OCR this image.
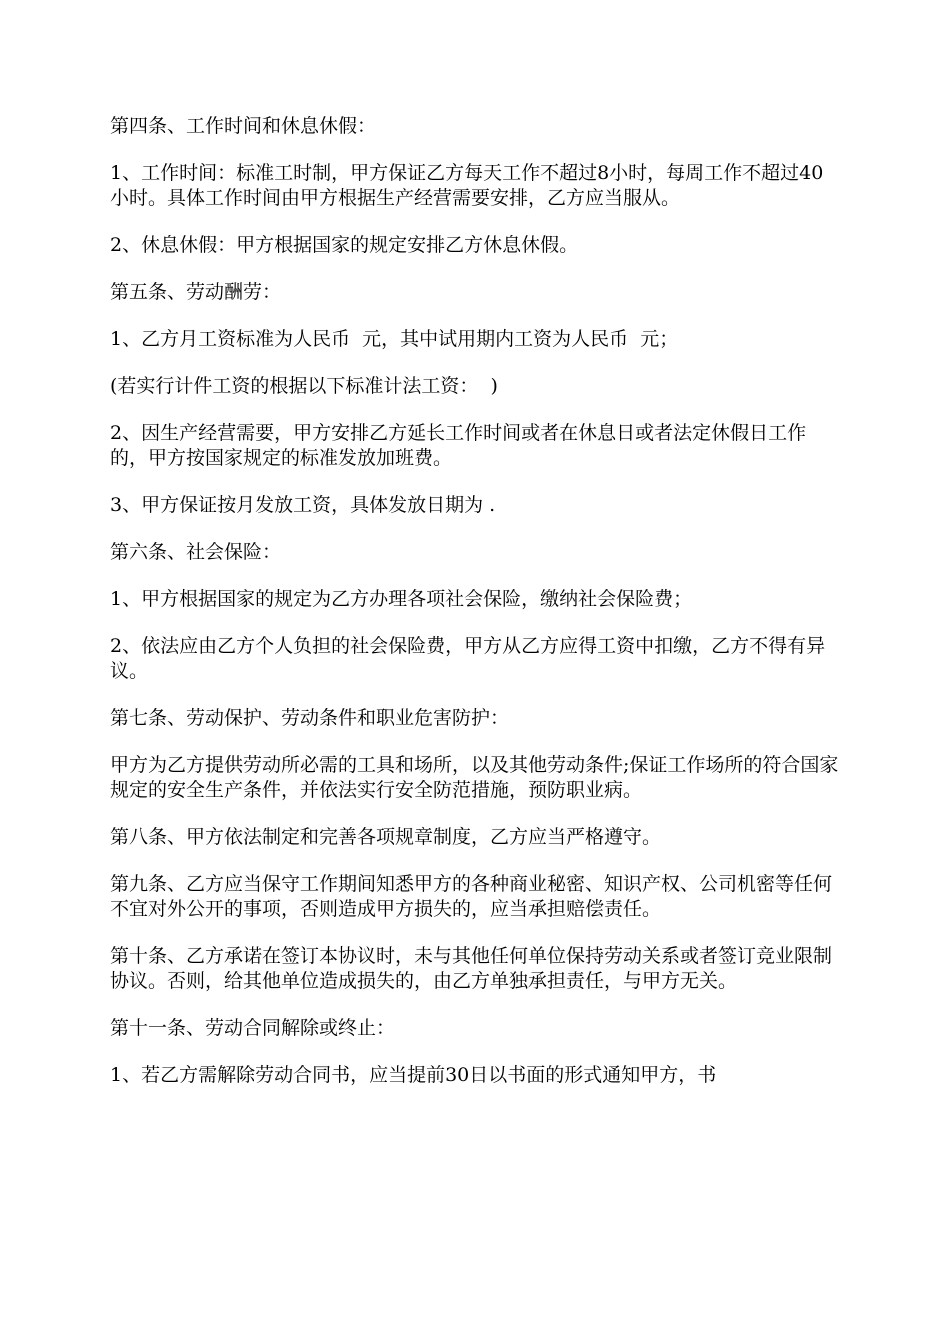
第四条、工作时间和休息休假：

1、工作时间：标准工时制，甲方保证乙方每天工作不超过8小时，每周工作不超过40小时。具体工作时间由甲方根据生产经营需要安排，乙方应当服从。

2、休息休假：甲方根据国家的规定安排乙方休息休假。

第五条、劳动酬劳：

1、乙方月工资标准为人民币  元，其中试用期内工资为人民币  元；

(若实行计件工资的根据以下标准计法工资：  )

2、因生产经营需要，甲方安排乙方延长工作时间或者在休息日或者法定休假日工作的，甲方按国家规定的标准发放加班费。

3、甲方保证按月发放工资，具体发放日期为 .

第六条、社会保险：

1、甲方根据国家的规定为乙方办理各项社会保险，缴纳社会保险费；

2、依法应由乙方个人负担的社会保险费，甲方从乙方应得工资中扣缴，乙方不得有异议。

第七条、劳动保护、劳动条件和职业危害防护：

甲方为乙方提供劳动所必需的工具和场所，以及其他劳动条件;保证工作场所的符合国家规定的安全生产条件，并依法实行安全防范措施，预防职业病。

第八条、甲方依法制定和完善各项规章制度，乙方应当严格遵守。

第九条、乙方应当保守工作期间知悉甲方的各种商业秘密、知识产权、公司机密等任何不宜对外公开的事项，否则造成甲方损失的，应当承担赔偿责任。

第十条、乙方承诺在签订本协议时，未与其他任何单位保持劳动关系或者签订竞业限制协议。否则，给其他单位造成损失的，由乙方单独承担责任，与甲方无关。

第十一条、劳动合同解除或终止：

1、若乙方需解除劳动合同书，应当提前30日以书面的形式通知甲方，书
